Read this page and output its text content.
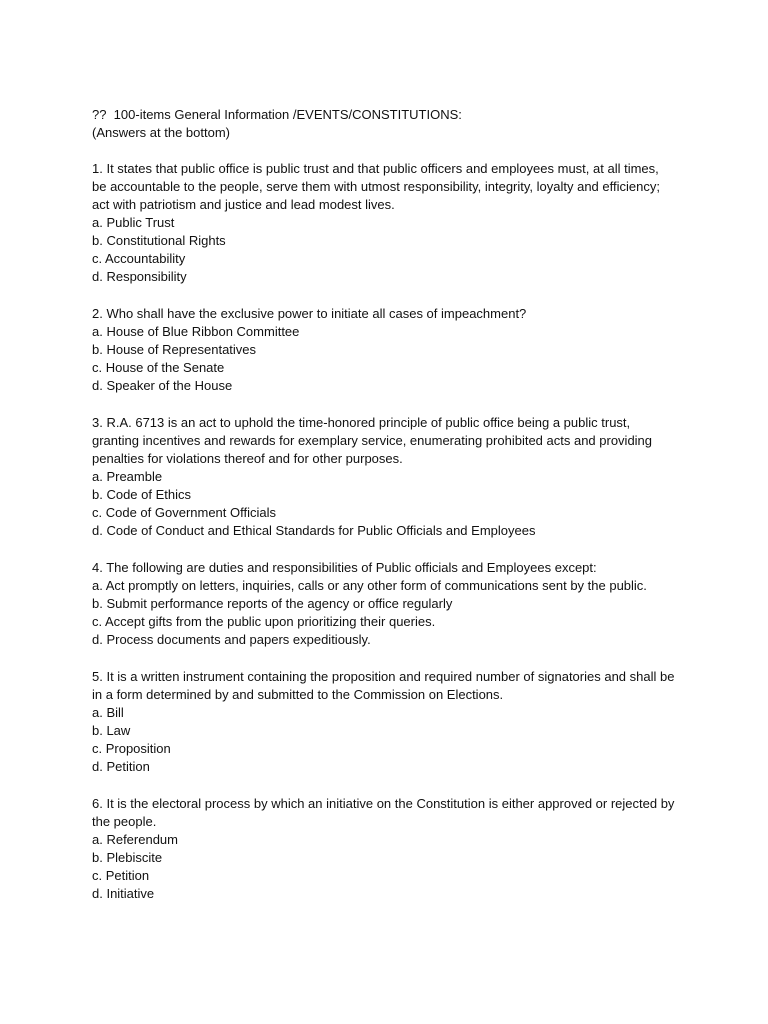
??  100-items General Information /EVENTS/CONSTITUTIONS:
(Answers at the bottom)
1. It states that public office is public trust and that public officers and employees must, at all times, be accountable to the people, serve them with utmost responsibility, integrity, loyalty and efficiency; act with patriotism and justice and lead modest lives.
a. Public Trust
b. Constitutional Rights
c. Accountability
d. Responsibility
2. Who shall have the exclusive power to initiate all cases of impeachment?
a. House of Blue Ribbon Committee
b. House of Representatives
c. House of the Senate
d. Speaker of the House
3. R.A. 6713 is an act to uphold the time-honored principle of public office being a public trust, granting incentives and rewards for exemplary service, enumerating prohibited acts and providing penalties for violations thereof and for other purposes.
a. Preamble
b. Code of Ethics
c. Code of Government Officials
d. Code of Conduct and Ethical Standards for Public Officials and Employees
4. The following are duties and responsibilities of Public officials and Employees except:
a. Act promptly on letters, inquiries, calls or any other form of communications sent by the public.
b. Submit performance reports of the agency or office regularly
c. Accept gifts from the public upon prioritizing their queries.
d. Process documents and papers expeditiously.
5. It is a written instrument containing the proposition and required number of signatories and shall be in a form determined by and submitted to the Commission on Elections.
a. Bill
b. Law
c. Proposition
d. Petition
6. It is the electoral process by which an initiative on the Constitution is either approved or rejected by the people.
a. Referendum
b. Plebiscite
c. Petition
d. Initiative
